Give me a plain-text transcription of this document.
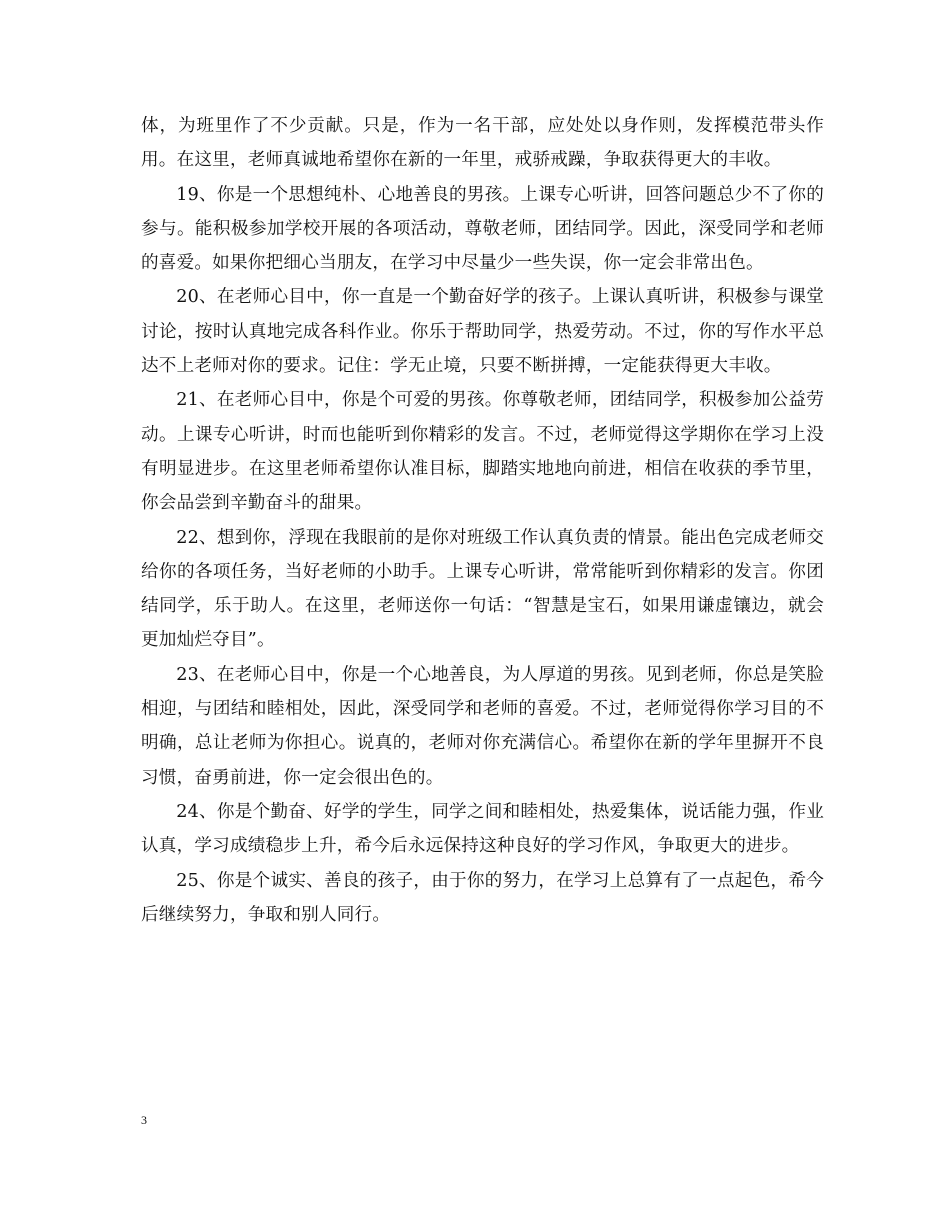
体，为班里作了不少贡献。只是，作为一名干部，应处处以身作则，发挥模范带头作用。在这里，老师真诚地希望你在新的一年里，戒骄戒躁，争取获得更大的丰收。

19、你是一个思想纯朴、心地善良的男孩。上课专心听讲，回答问题总少不了你的参与。能积极参加学校开展的各项活动，尊敬老师，团结同学。因此，深受同学和老师的喜爱。如果你把细心当朋友，在学习中尽量少一些失误，你一定会非常出色。

20、在老师心目中，你一直是一个勤奋好学的孩子。上课认真听讲，积极参与课堂讨论，按时认真地完成各科作业。你乐于帮助同学，热爱劳动。不过，你的写作水平总达不上老师对你的要求。记住：学无止境，只要不断拼搏，一定能获得更大丰收。

21、在老师心目中，你是个可爱的男孩。你尊敬老师，团结同学，积极参加公益劳动。上课专心听讲，时而也能听到你精彩的发言。不过，老师觉得这学期你在学习上没有明显进步。在这里老师希望你认准目标，脚踏实地地向前进，相信在收获的季节里，你会品尝到辛勤奋斗的甜果。

22、想到你，浮现在我眼前的是你对班级工作认真负责的情景。能出色完成老师交给你的各项任务，当好老师的小助手。上课专心听讲，常常能听到你精彩的发言。你团结同学，乐于助人。在这里，老师送你一句话：“智慧是宝石，如果用谦虚镶边，就会更加灿烂夺目”。

23、在老师心目中，你是一个心地善良，为人厚道的男孩。见到老师，你总是笑脸相迎，与团结和睦相处，因此，深受同学和老师的喜爱。不过，老师觉得你学习目的不明确，总让老师为你担心。说真的，老师对你充满信心。希望你在新的学年里摒开不良习惯，奋勇前进，你一定会很出色的。

24、你是个勤奋、好学的学生，同学之间和睦相处，热爱集体，说话能力强，作业认真，学习成绩稳步上升，希今后永远保持这种良好的学习作风，争取更大的进步。

25、你是个诚实、善良的孩子，由于你的努力，在学习上总算有了一点起色，希今后继续努力，争取和别人同行。

3
